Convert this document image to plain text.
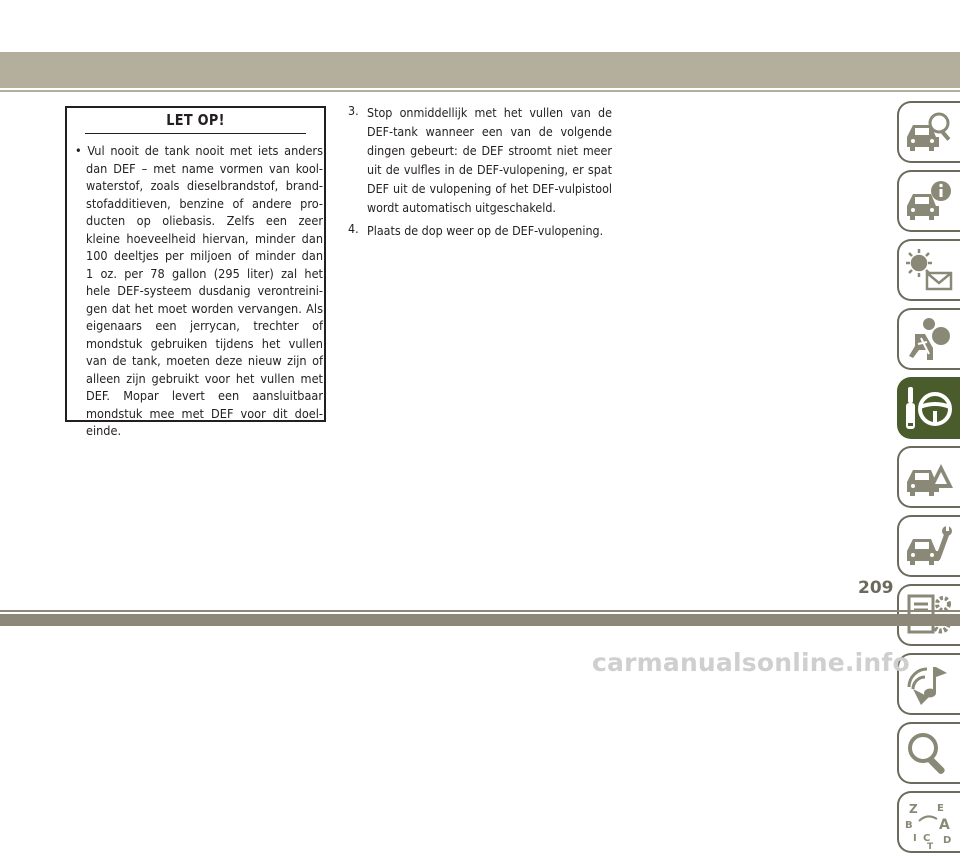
LET OP!
• Vul nooit de tank nooit met iets anders
dan DEF – met name vormen van kool-
waterstof, zoals dieselbrandstof, brand-
stofadditieven, benzine of andere pro-
ducten op oliebasis. Zelfs een zeer
kleine hoeveelheid hiervan, minder dan
100 deeltjes per miljoen of minder dan
1 oz. per 78 gallon (295 liter) zal het
hele DEF-systeem dusdanig verontreini-
gen dat het moet worden vervangen. Als
eigenaars een jerrycan, trechter of
mondstuk gebruiken tijdens het vullen
van de tank, moeten deze nieuw zijn of
alleen zijn gebruikt voor het vullen met
DEF. Mopar levert een aansluitbaar
mondstuk mee met DEF voor dit doel-
einde.
3. Stop onmiddellijk met het vullen van de
DEF-tank wanneer een van de volgende
dingen gebeurt: de DEF stroomt niet meer
uit de vulfles in de DEF-vulopening, er spat
DEF uit de vulopening of het DEF-vulpistool
wordt automatisch uitgeschakeld.
4. Plaats de dop weer op de DEF-vulopening.
Z E
B A
I C
T
D
209
carmanualsonline.info
